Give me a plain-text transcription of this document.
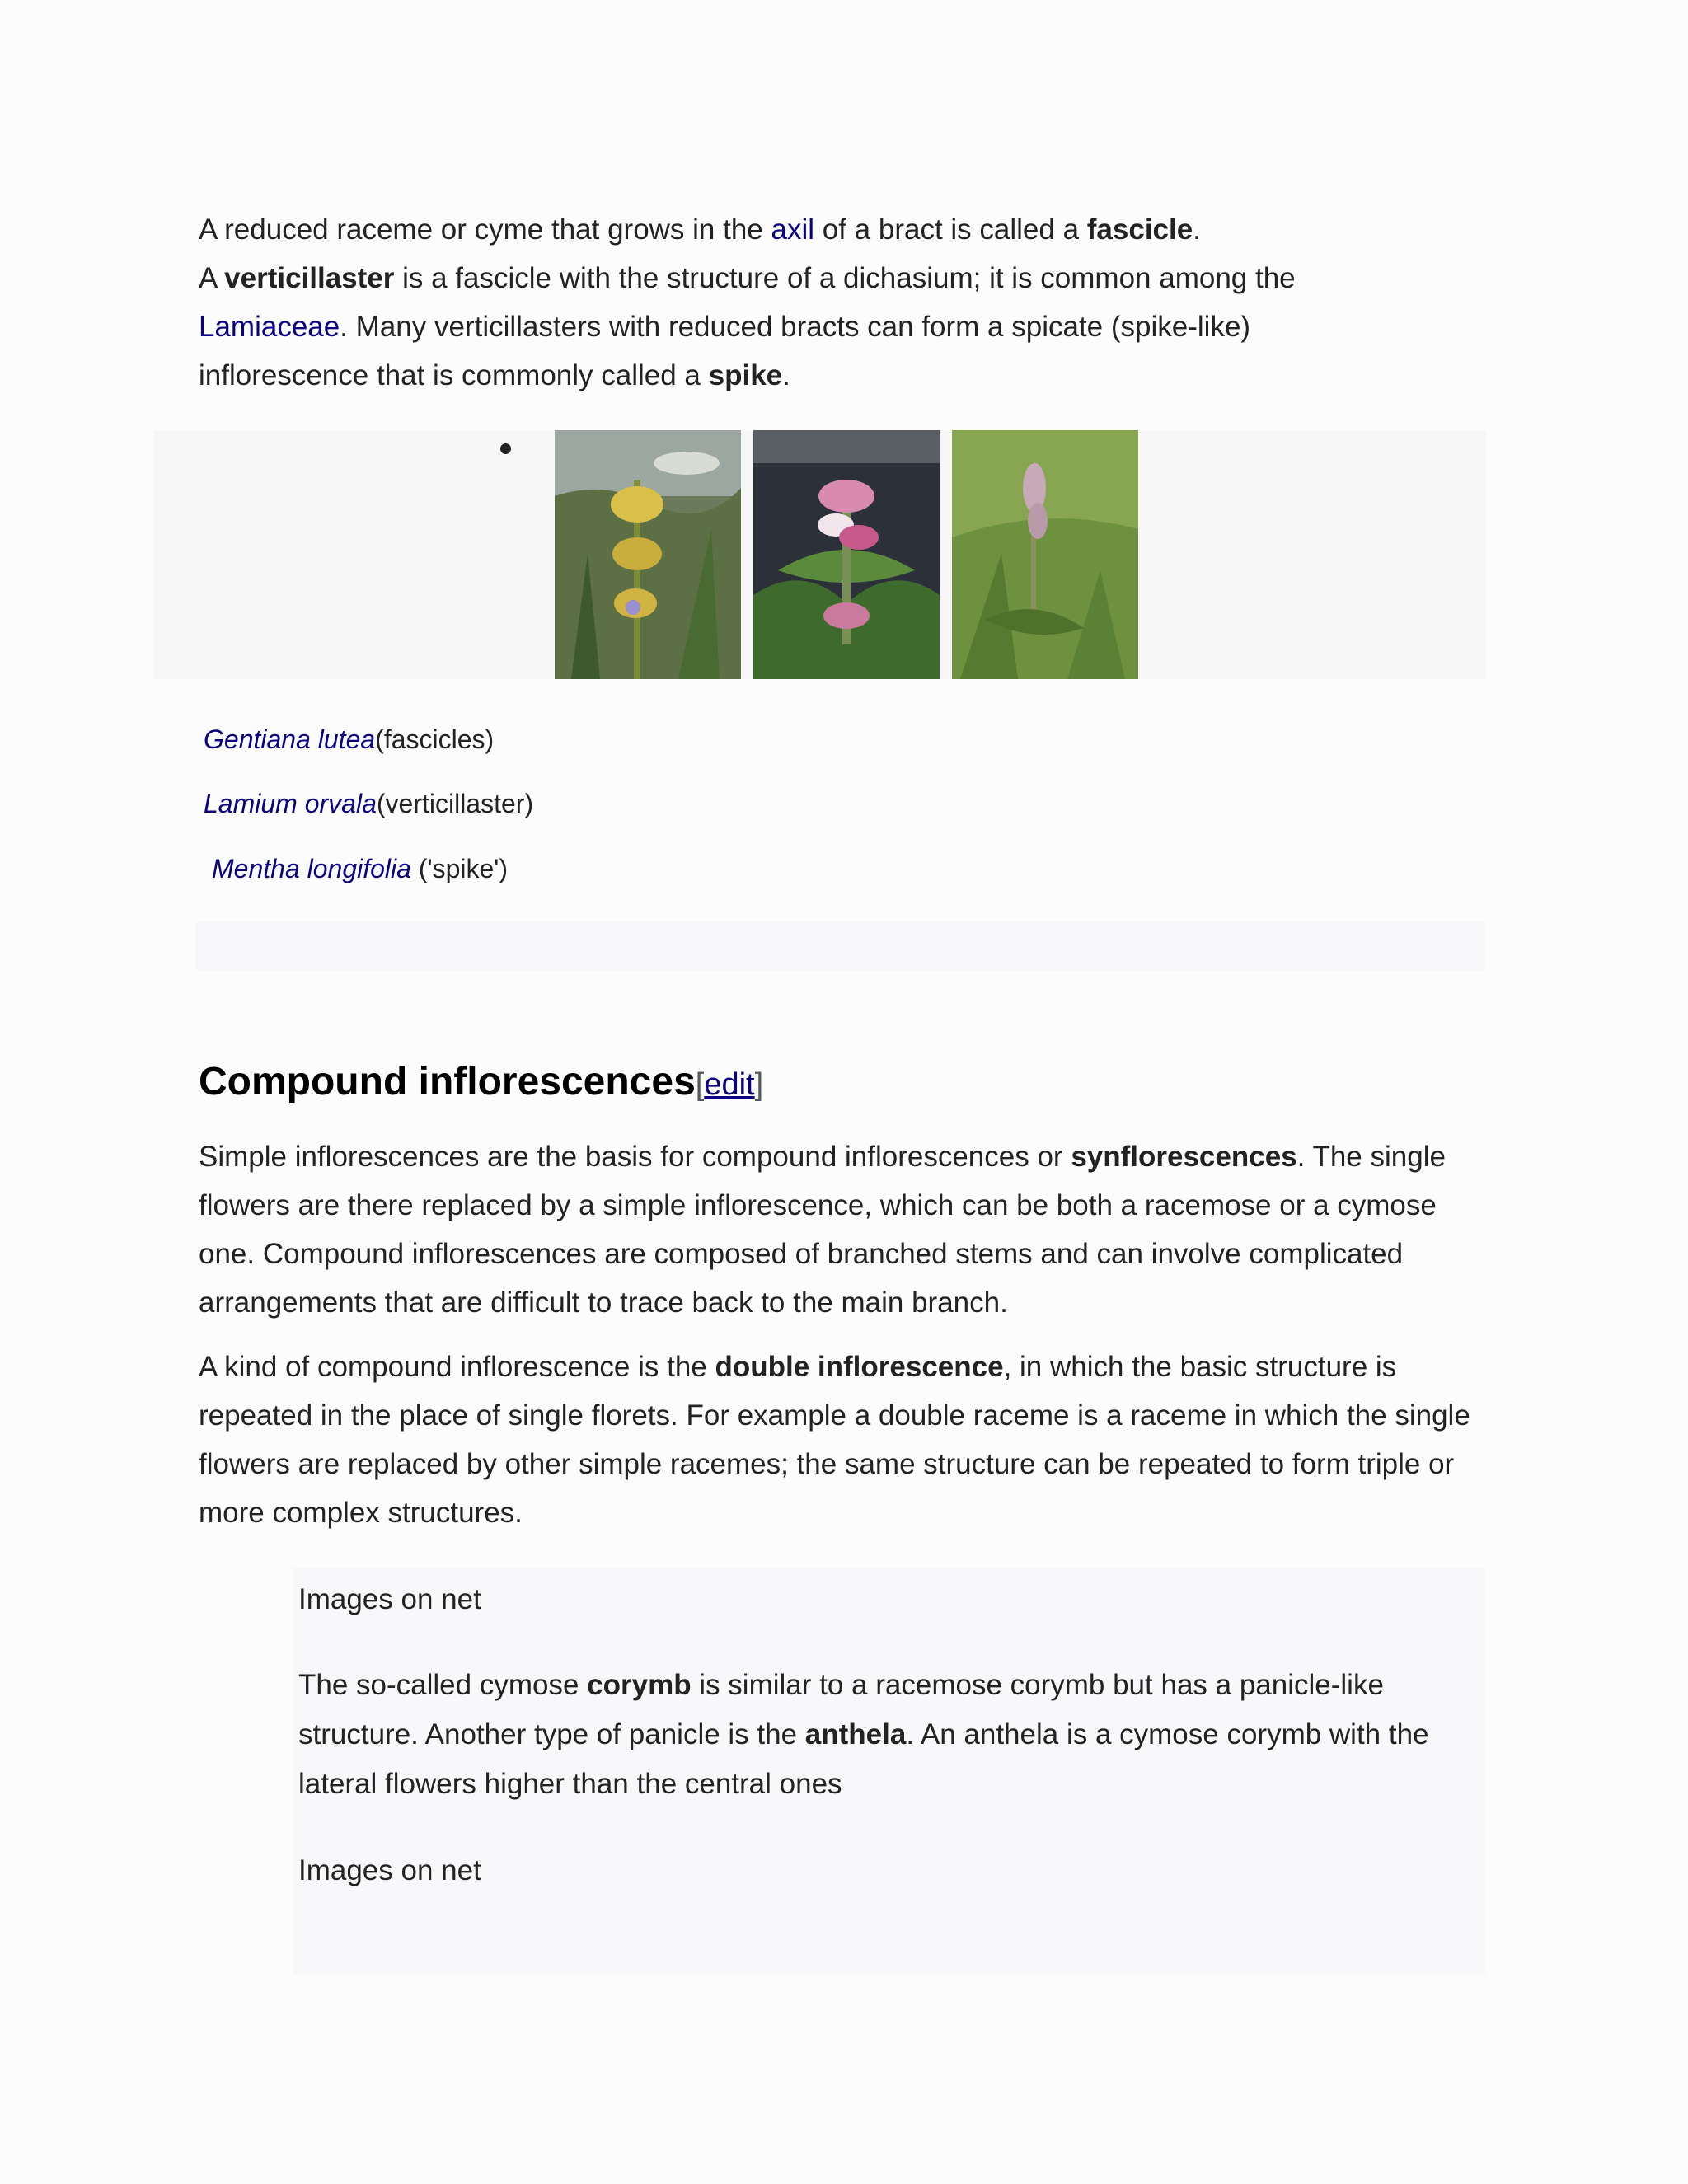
A reduced raceme or cyme that grows in the axil of a bract is called a fascicle.
A verticillaster is a fascicle with the structure of a dichasium; it is common among the Lamiaceae. Many verticillasters with reduced bracts can form a spicate (spike-like) inflorescence that is commonly called a spike.

Gentiana lutea(fascicles)
Lamium orvala(verticillaster)
Mentha longifolia ('spike')
Compound inflorescences[edit]

Simple inflorescences are the basis for compound inflorescences or synflorescences. The single flowers are there replaced by a simple inflorescence, which can be both a racemose or a cymose one. Compound inflorescences are composed of branched stems and can involve complicated arrangements that are difficult to trace back to the main branch.

A kind of compound inflorescence is the double inflorescence, in which the basic structure is repeated in the place of single florets. For example a double raceme is a raceme in which the single flowers are replaced by other simple racemes; the same structure can be repeated to form triple or more complex structures.

Images on net

The so-called cymose corymb is similar to a racemose corymb but has a panicle-like structure. Another type of panicle is the anthela. An anthela is a cymose corymb with the lateral flowers higher than the central ones

Images on net
